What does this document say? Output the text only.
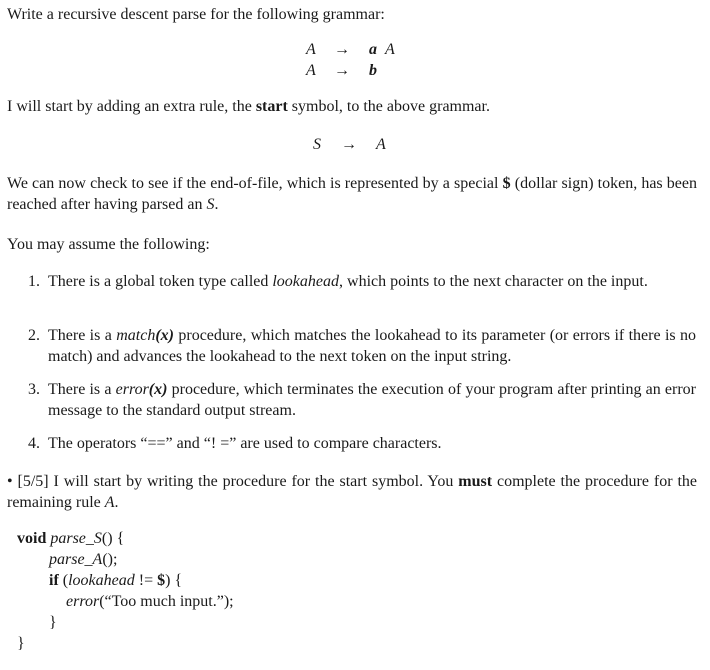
Write a recursive descent parse for the following grammar:
A → a A
A → b
I will start by adding an extra rule, the start symbol, to the above grammar.
S → A
We can now check to see if the end-of-file, which is represented by a special $ (dollar sign) token, has been reached after having parsed an S.
You may assume the following:
1. There is a global token type called lookahead, which points to the next character on the input.
2. There is a match(x) procedure, which matches the lookahead to its parameter (or errors if there is no match) and advances the lookahead to the next token on the input string.
3. There is a error(x) procedure, which terminates the execution of your program after printing an error message to the standard output stream.
4. The operators “==” and “! =” are used to compare characters.
• [5/5] I will start by writing the procedure for the start symbol. You must complete the procedure for the remaining rule A.
void parse_S() {
parse_A();
if (lookahead != $) {
error(“Too much input.”);
}
}
